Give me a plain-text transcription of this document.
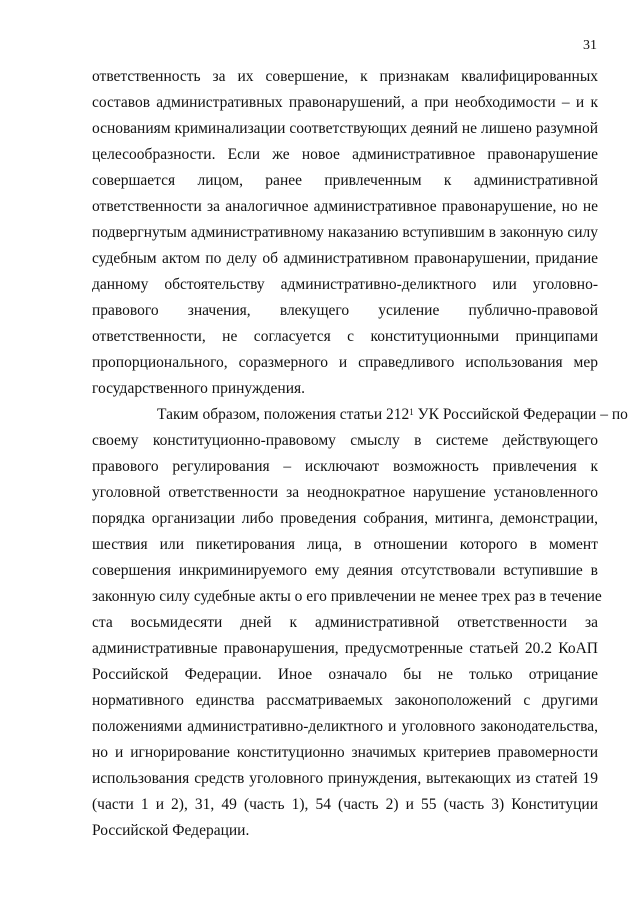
31
ответственность за их совершение, к признакам квалифицированных
составов административных правонарушений, а при необходимости – и к
основаниям криминализации соответствующих деяний не лишено разумной
целесообразности. Если же новое административное правонарушение
совершается лицом, ранее привлеченным к административной
ответственности за аналогичное административное правонарушение, но не
подвергнутым административному наказанию вступившим в законную силу
судебным актом по делу об административном правонарушении, придание
данному обстоятельству административно-деликтного или уголовно-
правового значения, влекущего усиление публично-правовой
ответственности, не согласуется с конституционными принципами
пропорционального, соразмерного и справедливого использования мер
государственного принуждения.
Таким образом, положения статьи $212^1$ УК Российской Федерации – по
своему конституционно-правовому смыслу в системе действующего
правового регулирования – исключают возможность привлечения к
уголовной ответственности за неоднократное нарушение установленного
порядка организации либо проведения собрания, митинга, демонстрации,
шествия или пикетирования лица, в отношении которого в момент
совершения инкриминируемого ему деяния отсутствовали вступившие в
законную силу судебные акты о его привлечении не менее трех раз в течение
ста восьмидесяти дней к административной ответственности за
административные правонарушения, предусмотренные статьей 20.2 КоАП
Российской Федерации. Иное означало бы не только отрицание
нормативного единства рассматриваемых законоположений с другими
положениями административно-деликтного и уголовного законодательства,
но и игнорирование конституционно значимых критериев правомерности
использования средств уголовного принуждения, вытекающих из статей 19
(части 1 и 2), 31, 49 (часть 1), 54 (часть 2) и 55 (часть 3) Конституции
Российской Федерации.
